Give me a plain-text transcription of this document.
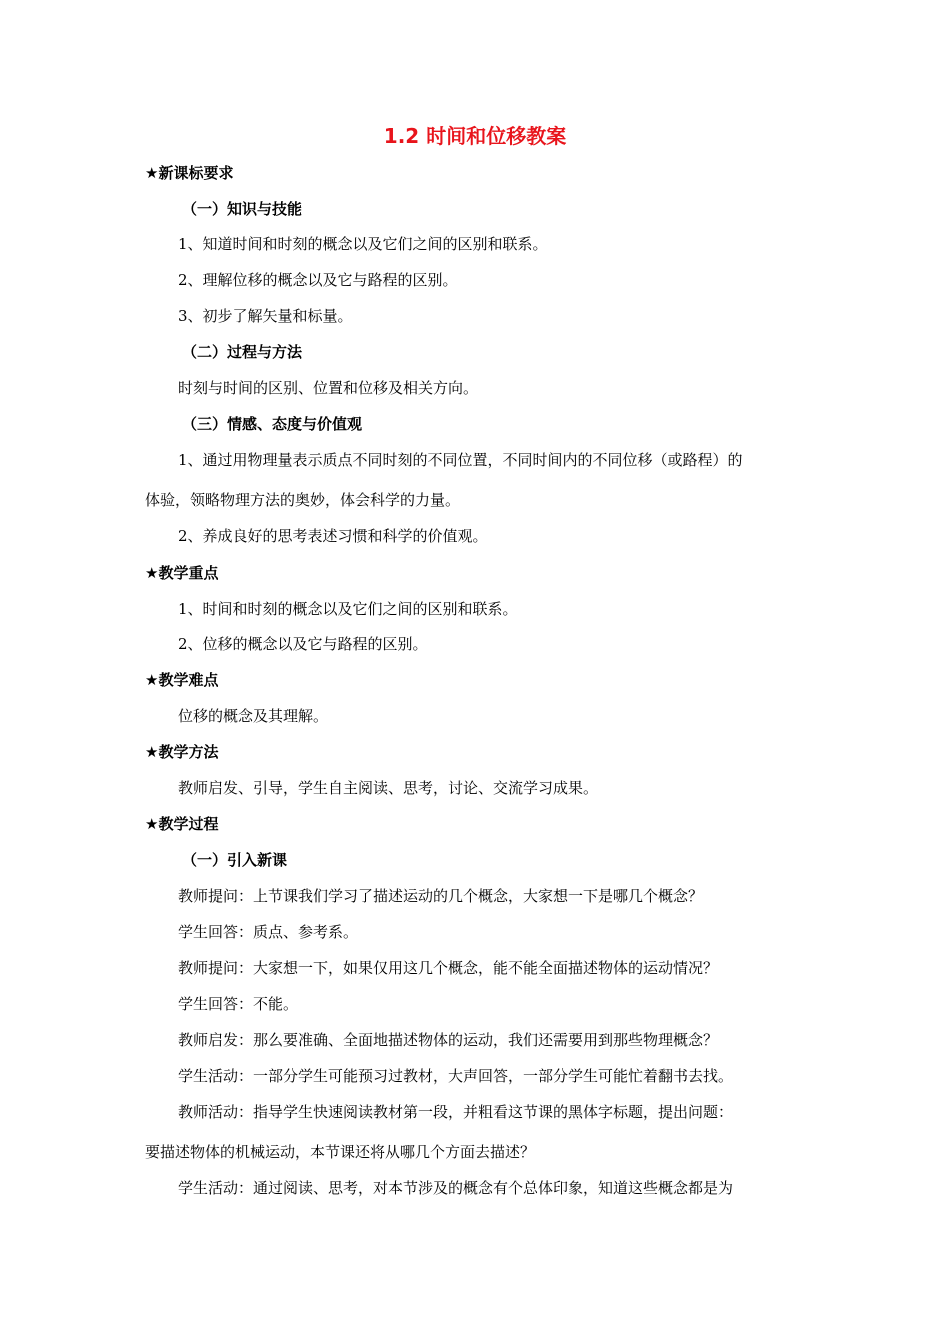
1.2 时间和位移教案
★新课标要求
（一）知识与技能
1、知道时间和时刻的概念以及它们之间的区别和联系。
2、理解位移的概念以及它与路程的区别。
3、初步了解矢量和标量。
（二）过程与方法
时刻与时间的区别、位置和位移及相关方向。
（三）情感、态度与价值观
1、通过用物理量表示质点不同时刻的不同位置，不同时间内的不同位移（或路程）的
体验，领略物理方法的奥妙，体会科学的力量。
2、养成良好的思考表述习惯和科学的价值观。
★教学重点
1、时间和时刻的概念以及它们之间的区别和联系。
2、位移的概念以及它与路程的区别。
★教学难点
位移的概念及其理解。
★教学方法
教师启发、引导，学生自主阅读、思考，讨论、交流学习成果。
★教学过程
（一）引入新课
教师提问：上节课我们学习了描述运动的几个概念，大家想一下是哪几个概念？
学生回答：质点、参考系。
教师提问：大家想一下，如果仅用这几个概念，能不能全面描述物体的运动情况？
学生回答：不能。
教师启发：那么要准确、全面地描述物体的运动，我们还需要用到那些物理概念？
学生活动：一部分学生可能预习过教材，大声回答，一部分学生可能忙着翻书去找。
教师活动：指导学生快速阅读教材第一段，并粗看这节课的黑体字标题，提出问题：
要描述物体的机械运动，本节课还将从哪几个方面去描述？
学生活动：通过阅读、思考，对本节涉及的概念有个总体印象，知道这些概念都是为
